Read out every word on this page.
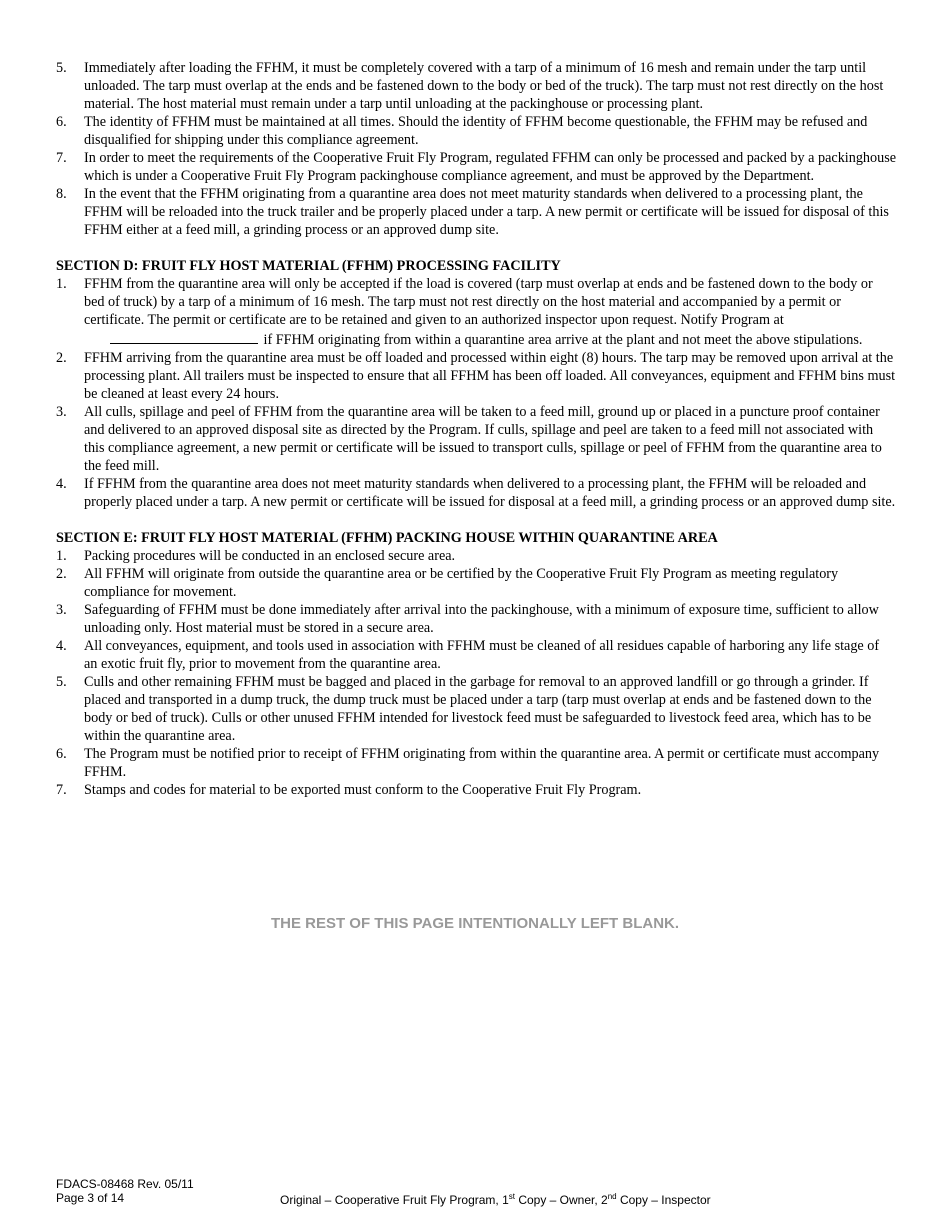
5. Immediately after loading the FFHM, it must be completely covered with a tarp of a minimum of 16 mesh and remain under the tarp until unloaded. The tarp must overlap at the ends and be fastened down to the body or bed of the truck). The tarp must not rest directly on the host material. The host material must remain under a tarp until unloading at the packinghouse or processing plant.
6. The identity of FFHM must be maintained at all times. Should the identity of FFHM become questionable, the FFHM may be refused and disqualified for shipping under this compliance agreement.
7. In order to meet the requirements of the Cooperative Fruit Fly Program, regulated FFHM can only be processed and packed by a packinghouse which is under a Cooperative Fruit Fly Program packinghouse compliance agreement, and must be approved by the Department.
8. In the event that the FFHM originating from a quarantine area does not meet maturity standards when delivered to a processing plant, the FFHM will be reloaded into the truck trailer and be properly placed under a tarp. A new permit or certificate will be issued for disposal of this FFHM either at a feed mill, a grinding process or an approved dump site.

SECTION D: FRUIT FLY HOST MATERIAL (FFHM) PROCESSING FACILITY

1. FFHM from the quarantine area will only be accepted if the load is covered (tarp must overlap at ends and be fastened down to the body or bed of truck) by a tarp of a minimum of 16 mesh. The tarp must not rest directly on the host material and accompanied by a permit or certificate. The permit or certificate are to be retained and given to an authorized inspector upon request. Notify Program at if FFHM originating from within a quarantine area arrive at the plant and not meet the above stipulations.
2. FFHM arriving from the quarantine area must be off loaded and processed within eight (8) hours. The tarp may be removed upon arrival at the processing plant. All trailers must be inspected to ensure that all FFHM has been off loaded. All conveyances, equipment and FFHM bins must be cleaned at least every 24 hours.
3. All culls, spillage and peel of FFHM from the quarantine area will be taken to a feed mill, ground up or placed in a puncture proof container and delivered to an approved disposal site as directed by the Program. If culls, spillage and peel are taken to a feed mill not associated with this compliance agreement, a new permit or certificate will be issued to transport culls, spillage or peel of FFHM from the quarantine area to the feed mill.
4. If FFHM from the quarantine area does not meet maturity standards when delivered to a processing plant, the FFHM will be reloaded and properly placed under a tarp. A new permit or certificate will be issued for disposal at a feed mill, a grinding process or an approved dump site.

SECTION E: FRUIT FLY HOST MATERIAL (FFHM) PACKING HOUSE WITHIN QUARANTINE AREA

1. Packing procedures will be conducted in an enclosed secure area.
2. All FFHM will originate from outside the quarantine area or be certified by the Cooperative Fruit Fly Program as meeting regulatory compliance for movement.
3. Safeguarding of FFHM must be done immediately after arrival into the packinghouse, with a minimum of exposure time, sufficient to allow unloading only. Host material must be stored in a secure area.
4. All conveyances, equipment, and tools used in association with FFHM must be cleaned of all residues capable of harboring any life stage of an exotic fruit fly, prior to movement from the quarantine area.
5. Culls and other remaining FFHM must be bagged and placed in the garbage for removal to an approved landfill or go through a grinder. If placed and transported in a dump truck, the dump truck must be placed under a tarp (tarp must overlap at ends and be fastened down to the body or bed of truck). Culls or other unused FFHM intended for livestock feed must be safeguarded to livestock feed area, which has to be within the quarantine area.
6. The Program must be notified prior to receipt of FFHM originating from within the quarantine area. A permit or certificate must accompany FFHM.
7. Stamps and codes for material to be exported must conform to the Cooperative Fruit Fly Program.
THE REST OF THIS PAGE INTENTIONALLY LEFT BLANK.
FDACS-08468 Rev. 05/11
Page 3 of 14	Original – Cooperative Fruit Fly Program, 1st Copy – Owner, 2nd Copy – Inspector
